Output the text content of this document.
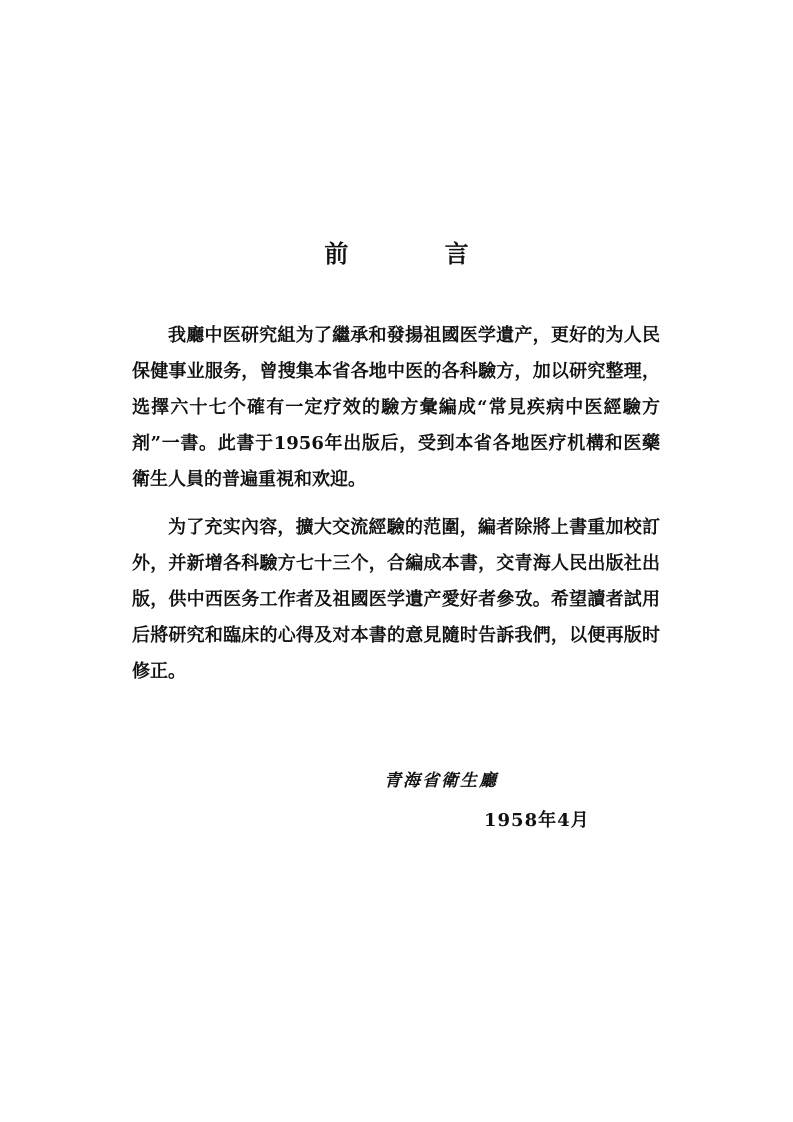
前 言

我廳中医研究組为了繼承和發揚祖國医学遺产，更好的为人民保健事业服务，曾搜集本省各地中医的各科驗方，加以研究整理，选擇六十七个確有一定疗效的驗方彙編成“常見疾病中医經驗方剤”一書。此書于1956年出版后，受到本省各地医疗机構和医藥衛生人員的普遍重視和欢迎。

为了充实內容，擴大交流經驗的范圍，編者除將上書重加校訂外，并新增各科驗方七十三个，合編成本書，交青海人民出版社出版，供中西医务工作者及祖國医学遺产愛好者參攷。希望讀者試用后將研究和臨床的心得及对本書的意見隨时告訴我們，以便再版时修正。

青海省衛生廳
1958年4月
